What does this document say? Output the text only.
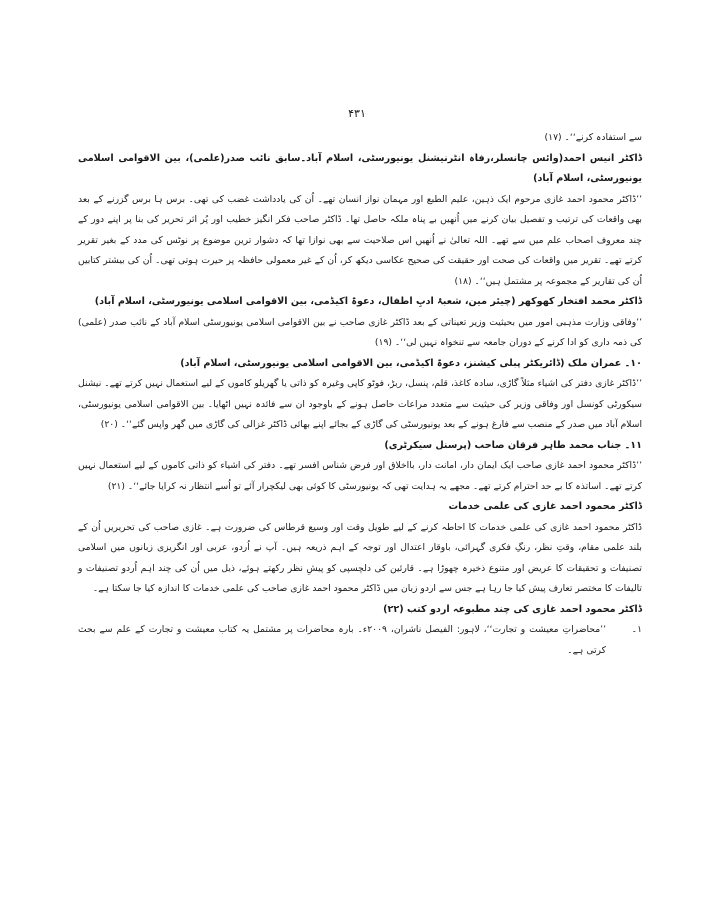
۴۳۱

سے استفادہ کرنے‘‘۔ (۱۷)

ڈاکٹر انیس احمد(وائس چانسلر،رفاہ انٹرنیشنل یونیورسٹی، اسلام آباد۔سابق نائب صدر(علمی)، بین الاقوامی اسلامی یونیورسٹی، اسلام آباد)

’’ڈاکٹر محمود احمد غازی مرحوم ایک ذہین، علیم الطبع اور مہمان نواز انسان تھے۔ اُن کی یادداشت غضب کی تھی۔ برس ہا برس گزرنے کے بعد بھی واقعات کی ترتیب و تفصیل بیان کرنے میں اُنھیں بے پناہ ملکہ حاصل تھا۔ ڈاکٹر صاحب فکر انگیز خطیب اور پُر اثر تحریر کی بنا پر اپنے دور کے چند معروف اصحاب علم میں سے تھے۔ اللہ تعالیٰ نے اُنھیں اس صلاحیت سے بھی نوازا تھا کہ دشوار ترین موضوع پر نوٹس کی مدد کے بغیر تقریر کرتے تھے۔ تقریر میں واقعات کی صحت اور حقیقت کی صحیح عکاسی دیکھ کر، اُن کے غیر معمولی حافظہ پر حیرت ہوتی تھی۔ اُن کی بیشتر کتابیں اُن کی تقاریر کے مجموعہ پر مشتمل ہیں‘‘۔ (۱۸)

ڈاکٹر محمد افتخار کھوکھر (چیئر مین، شعبۂ ادبِ اطفال، دعوۃ اکیڈمی، بین الاقوامی اسلامی یونیورسٹی، اسلام آباد)

’’وفاقی وزارت مذہبی امور میں بحیثیت وزیر تعیناتی کے بعد ڈاکٹر غازی صاحب نے بین الاقوامی اسلامی یونیورسٹی اسلام آباد کے نائب صدر (علمی) کی ذمہ داری کو ادا کرنے کے دوران جامعہ سے تنخواہ نہیں لی‘‘۔ (۱۹)

۱۰۔ عمران ملک (ڈائریکٹر پبلی کیشنز، دعوۃ اکیڈمی، بین الاقوامی اسلامی یونیورسٹی، اسلام آباد)

’’ڈاکٹر غازی دفتر کی اشیاء مثلاً گاڑی، سادہ کاغذ، قلم، پنسل، ربڑ، فوٹو کاپی وغیرہ کو ذاتی یا گھریلو کاموں کے لیے استعمال نہیں کرتے تھے۔ نیشنل سیکورٹی کونسل اور وفاقی وزیر کی حیثیت سے متعدد مراعات حاصل ہونے کے باوجود ان سے فائدہ نہیں اٹھایا۔ بین الاقوامی اسلامی یونیورسٹی، اسلام آباد میں صدر کے منصب سے فارغ ہونے کے بعد یونیورسٹی کی گاڑی کے بجائے اپنے بھائی ڈاکٹر غزالی کی گاڑی میں گھر واپس گئے‘‘۔ (۲۰)

۱۱۔ جناب محمد طاہر فرقان صاحب (پرسنل سیکرٹری)

’’ڈاکٹر محمود احمد غازی صاحب ایک ایمان دار، امانت دار، بااخلاق اور فرض شناس افسر تھے۔ دفتر کی اشیاء کو ذاتی کاموں کے لیے استعمال نہیں کرتے تھے۔ اساتذہ کا بے حد احترام کرتے تھے۔ مجھے یہ ہدایت تھی کہ یونیورسٹی کا کوئی بھی لیکچرار آئے تو اُسے انتظار نہ کرایا جائے‘‘۔ (۲۱)

ڈاکٹر محمود احمد غازی کی علمی خدمات

ڈاکٹر محمود احمد غازی کی علمی خدمات کا احاطہ کرنے کے لیے طویل وقت اور وسیع قرطاس کی ضرورت ہے۔ غازی صاحب کی تحریریں اُن کے بلند علمی مقام، وقتِ نظر، رنگِ فکری گہرائی، باوقار اعتدال اور توجہ کے اہم ذریعہ ہیں۔ آپ نے اُردو، عربی اور انگریزی زبانوں میں اسلامی تصنیفات و تحقیقات کا عریض اور متنوع ذخیرہ چھوڑا ہے۔ قارئین کی دلچسپی کو پیشِ نظر رکھتے ہوئے، ذیل میں اُن کی چند اہم اُردو تصنیفات و تالیفات کا مختصر تعارف پیش کیا جا رہا ہے جس سے اردو زبان میں ڈاکٹر محمود احمد غازی صاحب کی علمی خدمات کا اندازہ کیا جا سکتا ہے۔

ڈاکٹر محمود احمد غازی کی چند مطبوعہ اردو کتب (۲۲)

۱۔

’’محاضراتِ معیشت و تجارت‘‘، لاہور: الفیصل ناشران، ۲۰۰۹ء۔ بارہ محاضرات پر مشتمل یہ کتاب معیشت و تجارت کے علم سے بحث کرتی ہے۔
